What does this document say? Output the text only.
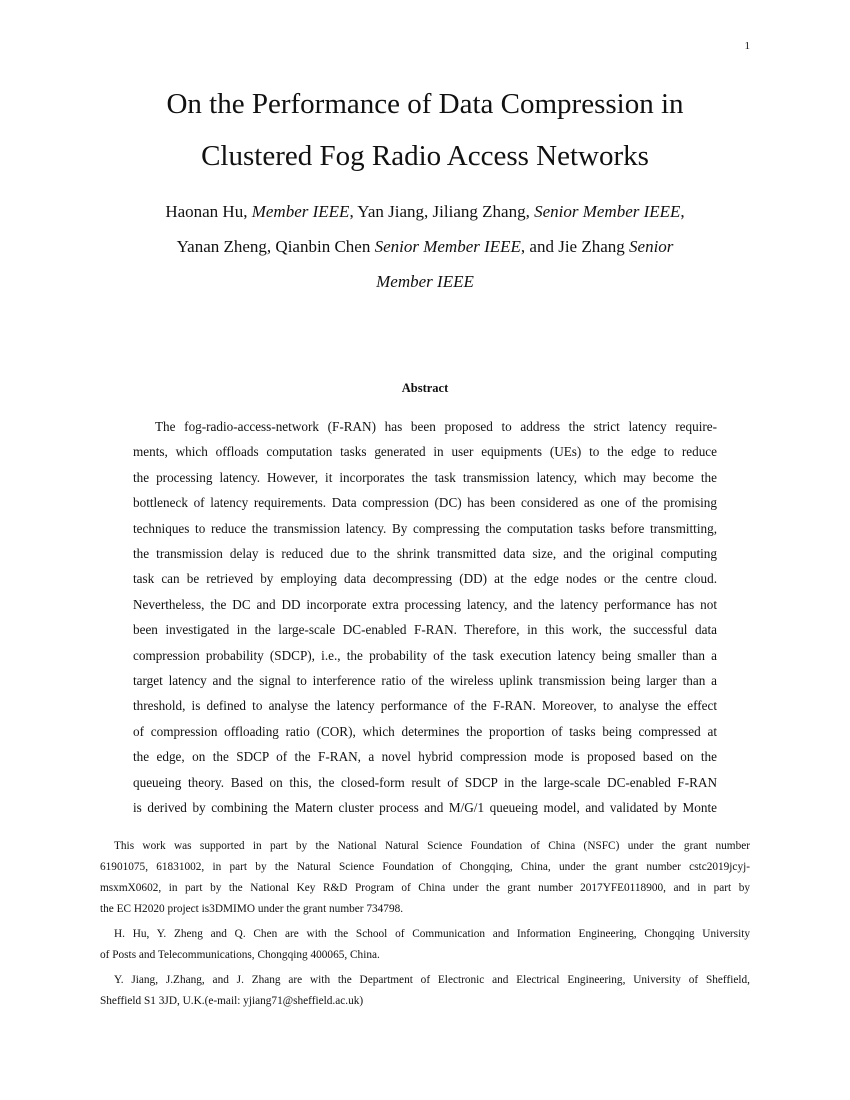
1
On the Performance of Data Compression in
Clustered Fog Radio Access Networks
Haonan Hu, Member IEEE, Yan Jiang, Jiliang Zhang, Senior Member IEEE,
Yanan Zheng, Qianbin Chen Senior Member IEEE, and Jie Zhang Senior
Member IEEE
Abstract
The fog-radio-access-network (F-RAN) has been proposed to address the strict latency require-
ments, which offloads computation tasks generated in user equipments (UEs) to the edge to reduce
the processing latency. However, it incorporates the task transmission latency, which may become the
bottleneck of latency requirements. Data compression (DC) has been considered as one of the promising
techniques to reduce the transmission latency. By compressing the computation tasks before transmitting,
the transmission delay is reduced due to the shrink transmitted data size, and the original computing
task can be retrieved by employing data decompressing (DD) at the edge nodes or the centre cloud.
Nevertheless, the DC and DD incorporate extra processing latency, and the latency performance has not
been investigated in the large-scale DC-enabled F-RAN. Therefore, in this work, the successful data
compression probability (SDCP), i.e., the probability of the task execution latency being smaller than a
target latency and the signal to interference ratio of the wireless uplink transmission being larger than a
threshold, is defined to analyse the latency performance of the F-RAN. Moreover, to analyse the effect
of compression offloading ratio (COR), which determines the proportion of tasks being compressed at
the edge, on the SDCP of the F-RAN, a novel hybrid compression mode is proposed based on the
queueing theory. Based on this, the closed-form result of SDCP in the large-scale DC-enabled F-RAN
is derived by combining the Matern cluster process and M/G/1 queueing model, and validated by Monte

This work was supported in part by the National Natural Science Foundation of China (NSFC) under the grant number
61901075, 61831002, in part by the Natural Science Foundation of Chongqing, China, under the grant number cstc2019jcyj-
msxmX0602, in part by the National Key R&D Program of China under the grant number 2017YFE0118900, and in part by
the EC H2020 project is3DMIMO under the grant number 734798.

H. Hu, Y. Zheng and Q. Chen are with the School of Communication and Information Engineering, Chongqing University
of Posts and Telecommunications, Chongqing 400065, China.

Y. Jiang, J.Zhang, and J. Zhang are with the Department of Electronic and Electrical Engineering, University of Sheffield,
Sheffield S1 3JD, U.K.(e-mail: yjiang71@sheffield.ac.uk)
